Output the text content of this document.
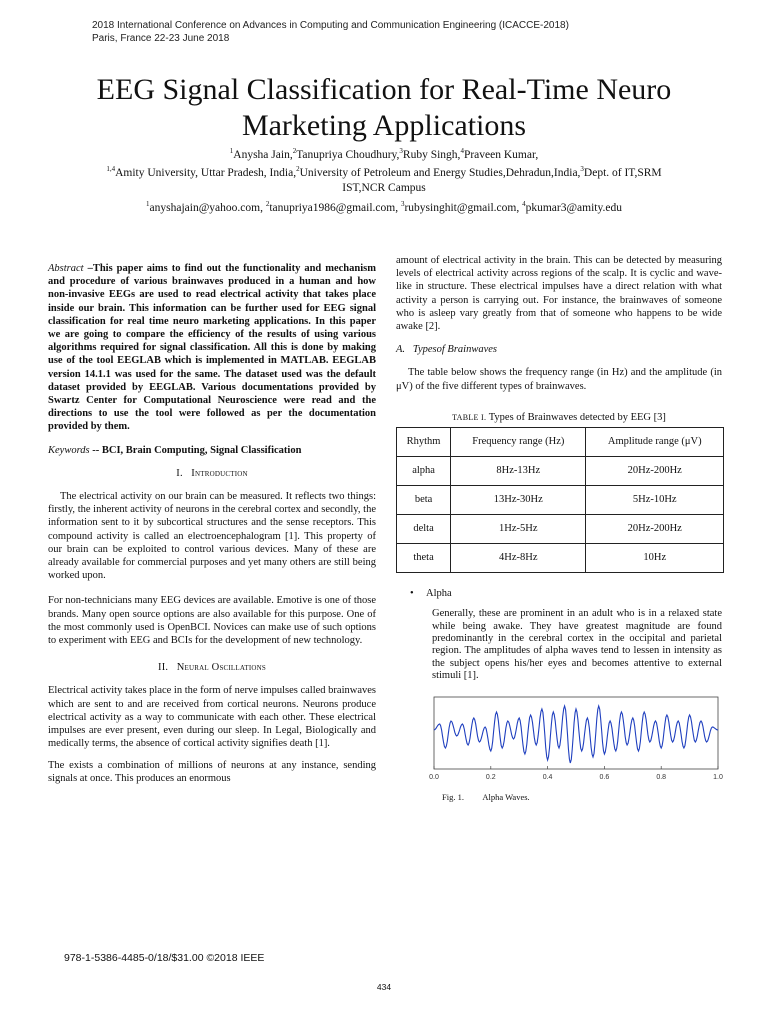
2018 International Conference on Advances in Computing and Communication Engineering (ICACCE-2018)
Paris, France 22-23 June 2018
EEG Signal Classification for Real-Time Neuro
Marketing Applications
$^1$Anysha Jain,$^2$Tanupriya Choudhury,$^3$Ruby Singh,$^4$Praveen Kumar,
$^{1,4}$Amity University, Uttar Pradesh, India,$^2$University of Petroleum and Energy Studies,Dehradun,India,$^3$Dept. of IT,SRM
IST,NCR Campus
$^1$anyshajain@yahoo.com, $^2$tanupriya1986@gmail.com, $^3$rubysinghit@gmail.com, $^4$pkumar3@amity.edu

Abstract –This paper aims to find out the functionality and mechanism and procedure of various brainwaves produced in a human and how non-invasive EEGs are used to read electrical activity that takes place inside our brain. This information can be further used for EEG signal classification for real time neuro marketing applications. In this paper we are going to compare the efficiency of the results of using various algorithms required for signal classification. All this is done by making use of the tool EEGLAB which is implemented in MATLAB. EEGLAB version 14.1.1 was used for the same. The dataset used was the default dataset provided by EEGLAB. Various documentations provided by Swartz Center for Computational Neuroscience were read and the directions to use the tool were followed as per the documentation provided by them.

Keywords -- BCI, Brain Computing, Signal Classification

I. Introduction

The electrical activity on our brain can be measured. It reflects two things: firstly, the inherent activity of neurons in the cerebral cortex and secondly, the information sent to it by subcortical structures and the sense receptors. This compound activity is called an electroencephalogram [1]. This property of our brain can be exploited to control various devices. Many of these are already available for commercial purposes and yet many others are still being worked upon.

For non-technicians many EEG devices are available. Emotive is one of those brands. Many open source options are also available for this purpose. One of the most commonly used is OpenBCI. Novices can make use of such options to experiment with EEG and BCIs for the development of new technology.

II. Neural Oscillations

Electrical activity takes place in the form of nerve impulses called brainwaves which are sent to and are received from cortical neurons. Neurons produce electrical activity as a way to communicate with each other. These electrical impulses are ever present, even during our sleep. In Legal, Biologically and medically terms, the absence of cortical activity signifies death [1].

The exists a combination of millions of neurons at any instance, sending signals at once. This produces an enormous

amount of electrical activity in the brain. This can be detected by measuring levels of electrical activity across regions of the scalp. It is cyclic and wave-like in structure. These electrical impulses have a direct relation with what activity a person is carrying out. For instance, the brainwaves of someone who is asleep vary greatly from that of someone who happens to be wide awake [2].

A. Typesof Brainwaves

The table below shows the frequency range (in Hz) and the amplitude (in μV) of the five different types of brainwaves.

TABLE I. Types of Brainwaves detected by EEG [3]
Rhythm	Frequency range (Hz)	Amplitude range (μV)
alpha	8Hz-13Hz	20Hz-200Hz
beta	13Hz-30Hz	5Hz-10Hz
delta	1Hz-5Hz	20Hz-200Hz
theta	4Hz-8Hz	10Hz
• Alpha
Generally, these are prominent in an adult who is in a relaxed state while being awake. They have greatest magnitude are found predominantly in the cerebral cortex in the occipital and parietal region. The amplitudes of alpha waves tend to lessen in intensity as the subject opens his/her eyes and becomes attentive to external stimuli [1].
0.0	0.2	0.4	0.6	0.8	1.0
Fig. 1. Alpha Waves.
978-1-5386-4485-0/18/$31.00 ©2018 IEEE
434
